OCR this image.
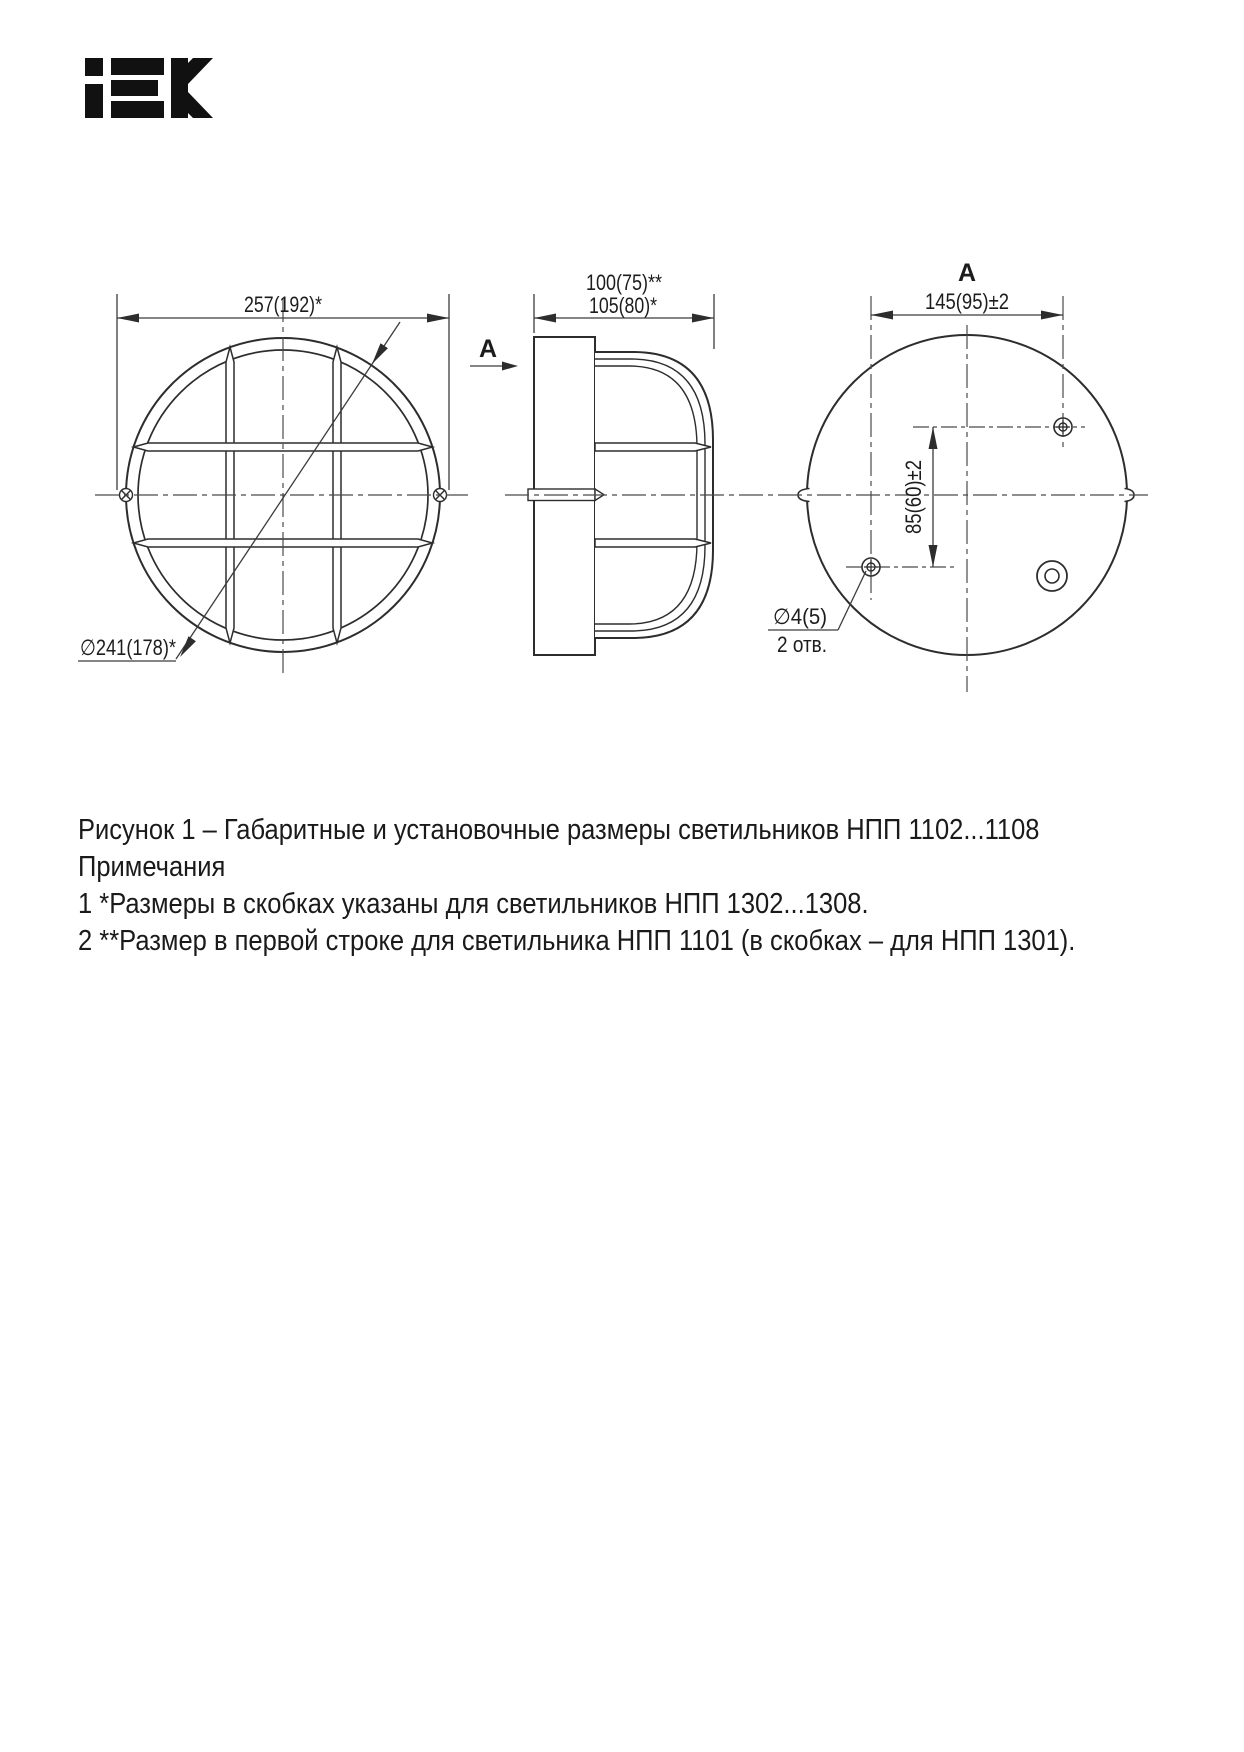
257(192)*
∅241(178)*
100(75)**
105(80)*
A
A
145(95)±2
85(60)±2
∅4(5)
2 отв.
Рисунок 1 – Габаритные и установочные размеры светильников НПП 1102...1108
Примечания
1 *Размеры в скобках указаны для светильников НПП 1302...1308.
2 **Размер в первой строке для светильника НПП 1101 (в скобках – для НПП 1301).
